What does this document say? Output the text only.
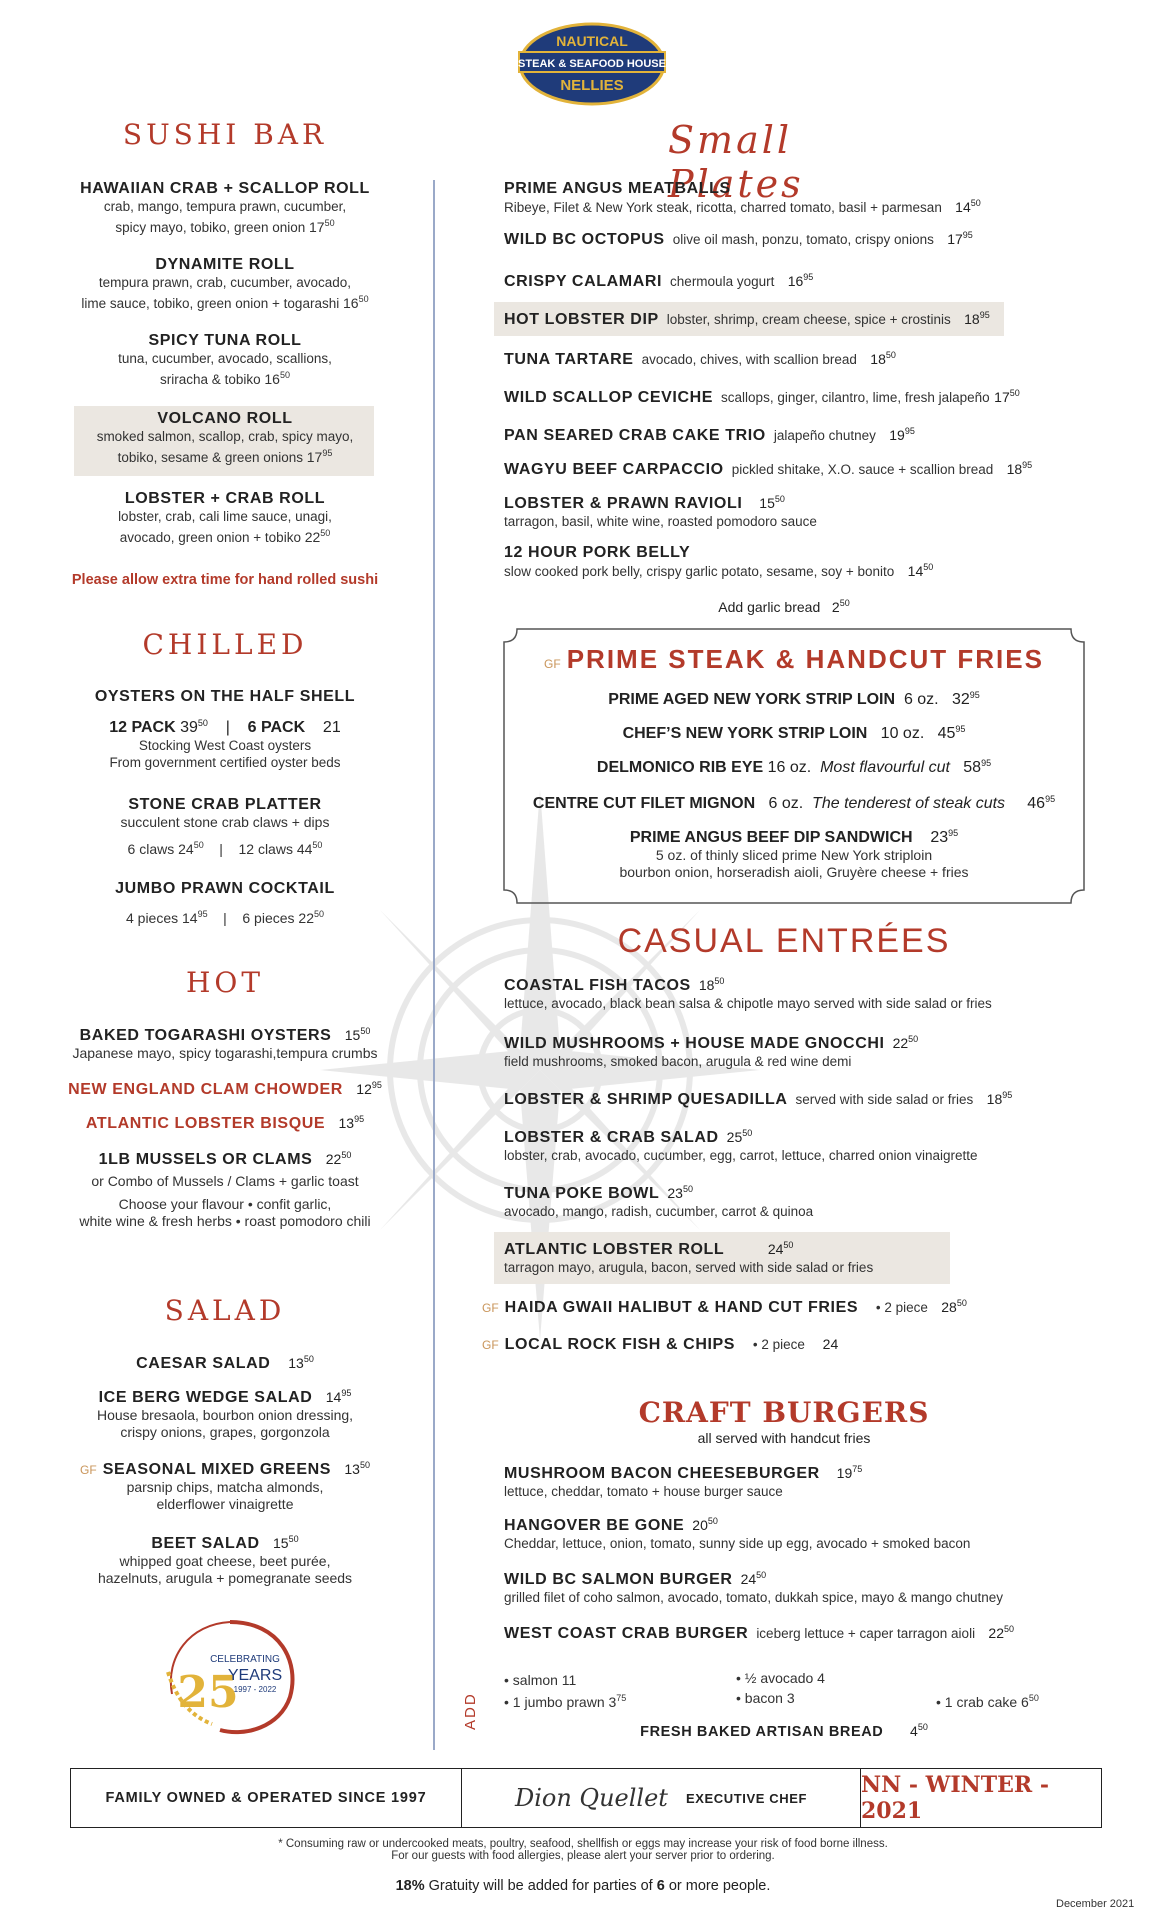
NAUTICAL
STEAK & SEAFOOD HOUSE
NELLIES
SUSHI BAR
HAWAIIAN CRAB + SCALLOP ROLL
crab, mango, tempura prawn, cucumber,
spicy mayo, tobiko, green onion $17^{50}$
DYNAMITE ROLL
tempura prawn, crab, cucumber, avocado,
lime sauce, tobiko, green onion + togarashi $16^{50}$
SPICY TUNA ROLL
tuna, cucumber, avocado, scallions,
sriracha & tobiko $16^{50}$
VOLCANO ROLL
smoked salmon, scallop, crab, spicy mayo,
tobiko, sesame & green onions $17^{95}$
LOBSTER + CRAB ROLL
lobster, crab, cali lime sauce, unagi,
avocado, green onion + tobiko $22^{50}$
Please allow extra time for hand rolled sushi
CHILLED
OYSTERS ON THE HALF SHELL
12 PACK $39^{50}$    |    6 PACK 21
Stocking West Coast oysters
From government certified oyster beds
STONE CRAB PLATTER
succulent stone crab claws + dips
6 claws $24^{50}$    |    12 claws $44^{50}$
JUMBO PRAWN COCKTAIL
4 pieces $14^{95}$    |    6 pieces $22^{50}$
HOT
BAKED TOGARASHI OYSTERS $15^{50}$
Japanese mayo, spicy togarashi,tempura crumbs
NEW ENGLAND CLAM CHOWDER $12^{95}$
ATLANTIC LOBSTER BISQUE $13^{95}$
1LB MUSSELS OR CLAMS $22^{50}$
or Combo of Mussels / Clams + garlic toast
Choose your flavour • confit garlic,
white wine & fresh herbs • roast pomodoro chili
SALAD
CAESAR SALAD $13^{50}$
ICE BERG WEDGE SALAD $14^{95}$
House bresaola, bourbon onion dressing,
crispy onions, grapes, gorgonzola
GF SEASONAL MIXED GREENS $13^{50}$
parsnip chips, matcha almonds,
elderflower vinaigrette
BEET SALAD $15^{50}$
whipped goat cheese, beet purée,
hazelnuts, arugula + pomegranate seeds
CELEBRATING
25
YEARS
1997 - 2022
Small Plates
PRIME ANGUS MEATBALLS
Ribeye, Filet & New York steak, ricotta, charred tomato, basil + parmesan $14^{50}$
WILD BC OCTOPUS olive oil mash, ponzu, tomato, crispy onions $17^{95}$
CRISPY CALAMARI chermoula yogurt $16^{95}$
HOT LOBSTER DIP lobster, shrimp, cream cheese, spice + crostinis $18^{95}$
TUNA TARTARE avocado, chives, with scallion bread $18^{50}$
WILD SCALLOP CEVICHE scallops, ginger, cilantro, lime, fresh jalapeño $17^{50}$
PAN SEARED CRAB CAKE TRIO jalapeño chutney $19^{95}$
WAGYU BEEF CARPACCIO pickled shitake, X.O. sauce + scallion bread $18^{95}$
LOBSTER & PRAWN RAVIOLI $15^{50}$
tarragon, basil, white wine, roasted pomodoro sauce
12 HOUR PORK BELLY
slow cooked pork belly, crispy garlic potato, sesame, soy + bonito $14^{50}$
Add garlic bread $2^{50}$
GF PRIME STEAK & HANDCUT FRIES
PRIME AGED NEW YORK STRIP LOIN 6 oz. $32^{95}$
CHEF’S NEW YORK STRIP LOIN 10 oz. $45^{95}$
DELMONICO RIB EYE 16 oz. Most flavourful cut $58^{95}$
CENTRE CUT FILET MIGNON 6 oz. The tenderest of steak cuts $46^{95}$
PRIME ANGUS BEEF DIP SANDWICH $23^{95}$
5 oz. of thinly sliced prime New York striploin
bourbon onion, horseradish aioli, Gruyère cheese + fries
CASUAL ENTRÉES
COASTAL FISH TACOS $18^{50}$
lettuce, avocado, black bean salsa & chipotle mayo served with side salad or fries
WILD MUSHROOMS + HOUSE MADE GNOCCHI $22^{50}$
field mushrooms, smoked bacon, arugula & red wine demi
LOBSTER & SHRIMP QUESADILLA served with side salad or fries $18^{95}$
LOBSTER & CRAB SALAD $25^{50}$
lobster, crab, avocado, cucumber, egg, carrot, lettuce, charred onion vinaigrette
TUNA POKE BOWL $23^{50}$
avocado, mango, radish, cucumber, carrot & quinoa
ATLANTIC LOBSTER ROLL	$24^{50}$
tarragon mayo, arugula, bacon, served with side salad or fries
GF HAIDA GWAII HALIBUT & HAND CUT FRIES • 2 piece $28^{50}$
GF LOCAL ROCK FISH & CHIPS • 2 piece 24
CRAFT BURGERS
all served with handcut fries
MUSHROOM BACON CHEESEBURGER $19^{75}$
lettuce, cheddar, tomato + house burger sauce
HANGOVER BE GONE $20^{50}$
Cheddar, lettuce, onion, tomato, sunny side up egg, avocado + smoked bacon
WILD BC SALMON BURGER $24^{50}$
grilled filet of coho salmon, avocado, tomato, dukkah spice, mayo & mango chutney
WEST COAST CRAB BURGER iceberg lettuce + caper tarragon aioli $22^{50}$
ADD
• salmon 11
• 1 jumbo prawn $3^{75}$
• ½ avocado 4
• bacon 3	• 1 crab cake $6^{50}$
FRESH BAKED ARTISAN BREAD $4^{50}$
FAMILY OWNED & OPERATED SINCE 1997	Dion Quellet EXECUTIVE CHEF NN - WINTER - 2021
* Consuming raw or undercooked meats, poultry, seafood, shellfish or eggs may increase your risk of food borne illness.
For our guests with food allergies, please alert your server prior to ordering.
18% Gratuity will be added for parties of 6 or more people.
December 2021
